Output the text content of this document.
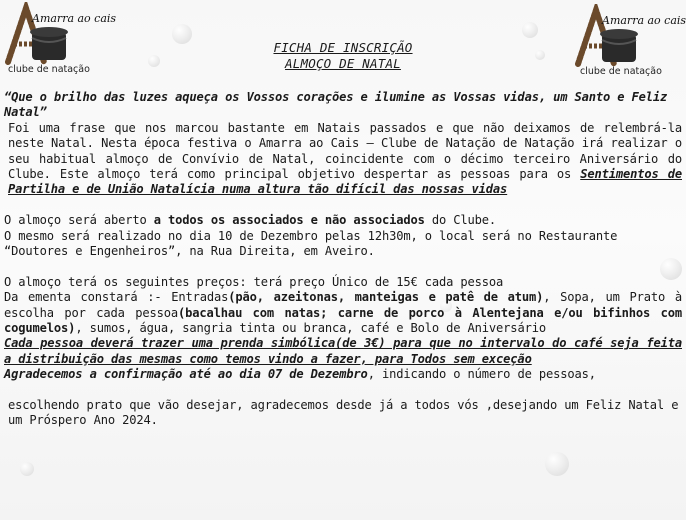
Amarra ao cais
clube de natação
Amarra ao cais
clube de natação
FICHA DE INSCRIÇÃO
ALMOÇO DE NATAL

“Que o brilho das luzes aqueça os Vossos corações e ilumine as Vossas vidas, um Santo e Feliz Natal”

Foi uma frase que nos marcou bastante em Natais passados e que não deixamos de relembrá-la neste Natal. Nesta época festiva o Amarra ao Cais – Clube de Natação de Natação irá realizar o seu habitual almoço de Convívio de Natal, coincidente com o décimo terceiro Aniversário do Clube. Este almoço terá como principal objetivo despertar as pessoas para os Sentimentos de Partilha e de União Natalícia numa altura tão difícil das nossas vidas

O almoço será aberto a todos os associados e não associados do Clube.

O mesmo será realizado no dia 10 de Dezembro pelas 12h30m, o local será no Restaurante “Doutores e Engenheiros”, na Rua Direita, em Aveiro.

O almoço terá os seguintes preços: terá preço Único de 15€ cada pessoa

Da ementa constará :- Entradas(pão, azeitonas, manteigas e patê de atum), Sopa, um Prato à escolha por cada pessoa(bacalhau com natas; carne de porco à Alentejana e/ou bifinhos com cogumelos), sumos, água, sangria tinta ou branca, café e Bolo de Aniversário

Cada pessoa deverá trazer uma prenda simbólica(de 3€) para que no intervalo do café seja feita a distribuição das mesmas como temos vindo a fazer, para Todos sem exceção

Agradecemos a confirmação até ao dia 07 de Dezembro, indicando o número de pessoas,

escolhendo prato que vão desejar, agradecemos desde já a todos vós ,desejando um Feliz Natal e um Próspero Ano 2024.
